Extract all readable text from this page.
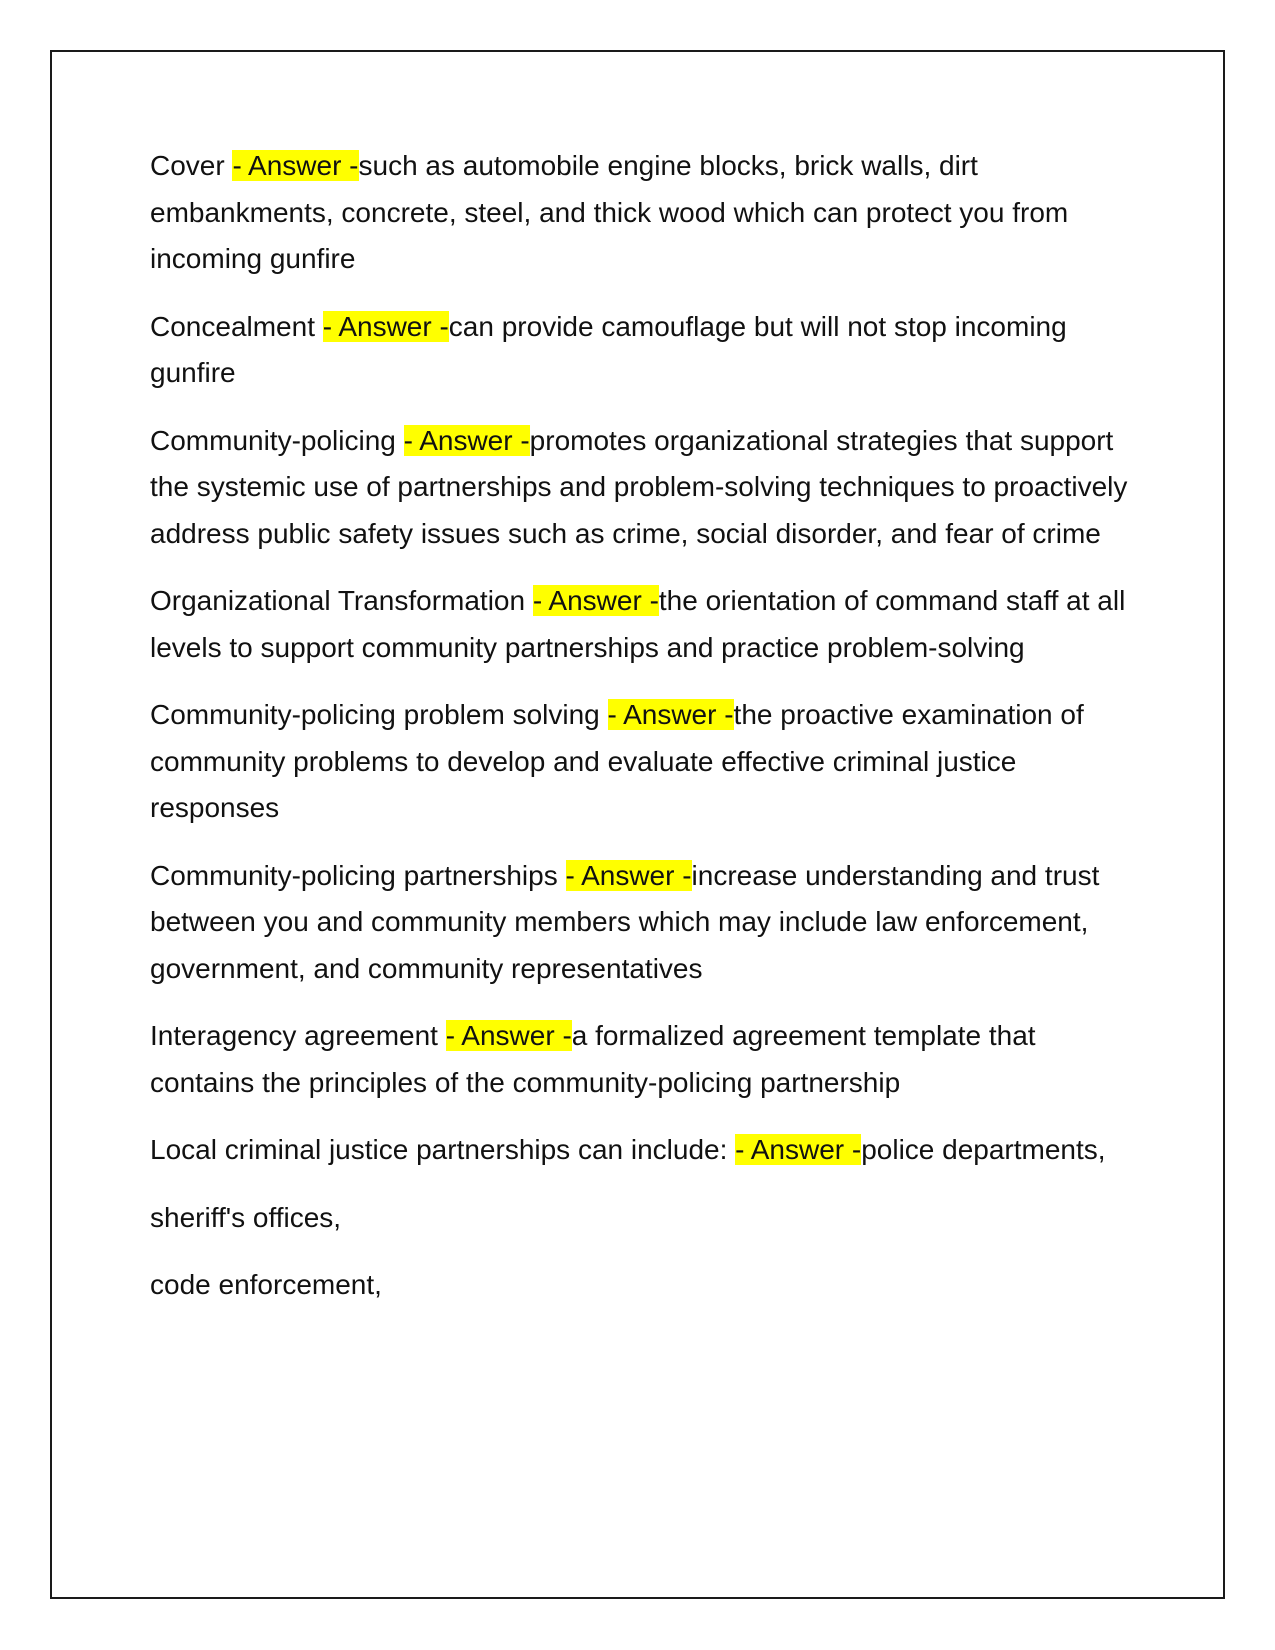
Cover - Answer -such as automobile engine blocks, brick walls, dirt embankments, concrete, steel, and thick wood which can protect you from incoming gunfire

Concealment - Answer -can provide camouflage but will not stop incoming gunfire

Community-policing - Answer -promotes organizational strategies that support the systemic use of partnerships and problem-solving techniques to proactively address public safety issues such as crime, social disorder, and fear of crime

Organizational Transformation - Answer -the orientation of command staff at all levels to support community partnerships and practice problem-solving

Community-policing problem solving - Answer -the proactive examination of community problems to develop and evaluate effective criminal justice responses

Community-policing partnerships - Answer -increase understanding and trust between you and community members which may include law enforcement, government, and community representatives

Interagency agreement - Answer -a formalized agreement template that contains the principles of the community-policing partnership

Local criminal justice partnerships can include: - Answer -police departments,

sheriff's offices,

code enforcement,
